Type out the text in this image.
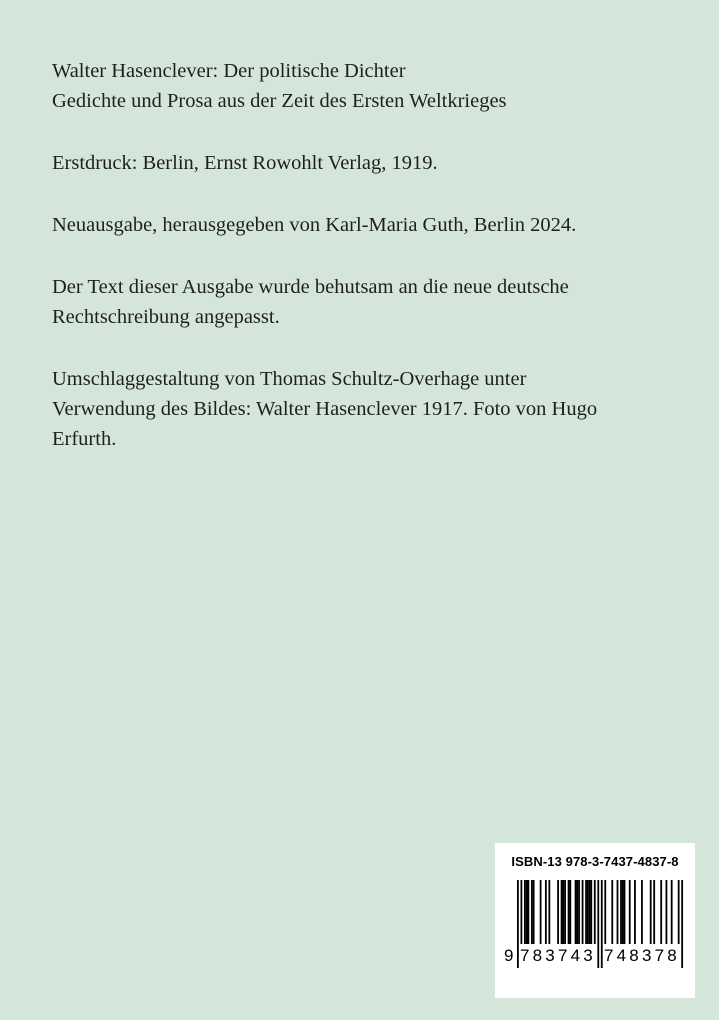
Walter Hasenclever: Der politische Dichter
Gedichte und Prosa aus der Zeit des Ersten Weltkrieges

Erstdruck: Berlin, Ernst Rowohlt Verlag, 1919.

Neuausgabe, herausgegeben von Karl-Maria Guth, Berlin 2024.

Der Text dieser Ausgabe wurde behutsam an die neue deutsche
Rechtschreibung angepasst.

Umschlaggestaltung von Thomas Schultz-Overhage unter
Verwendung des Bildes: Walter Hasenclever 1917. Foto von Hugo
Erfurth.

ISBN-13 978-3-7437-4837-8
9 783743 748378
